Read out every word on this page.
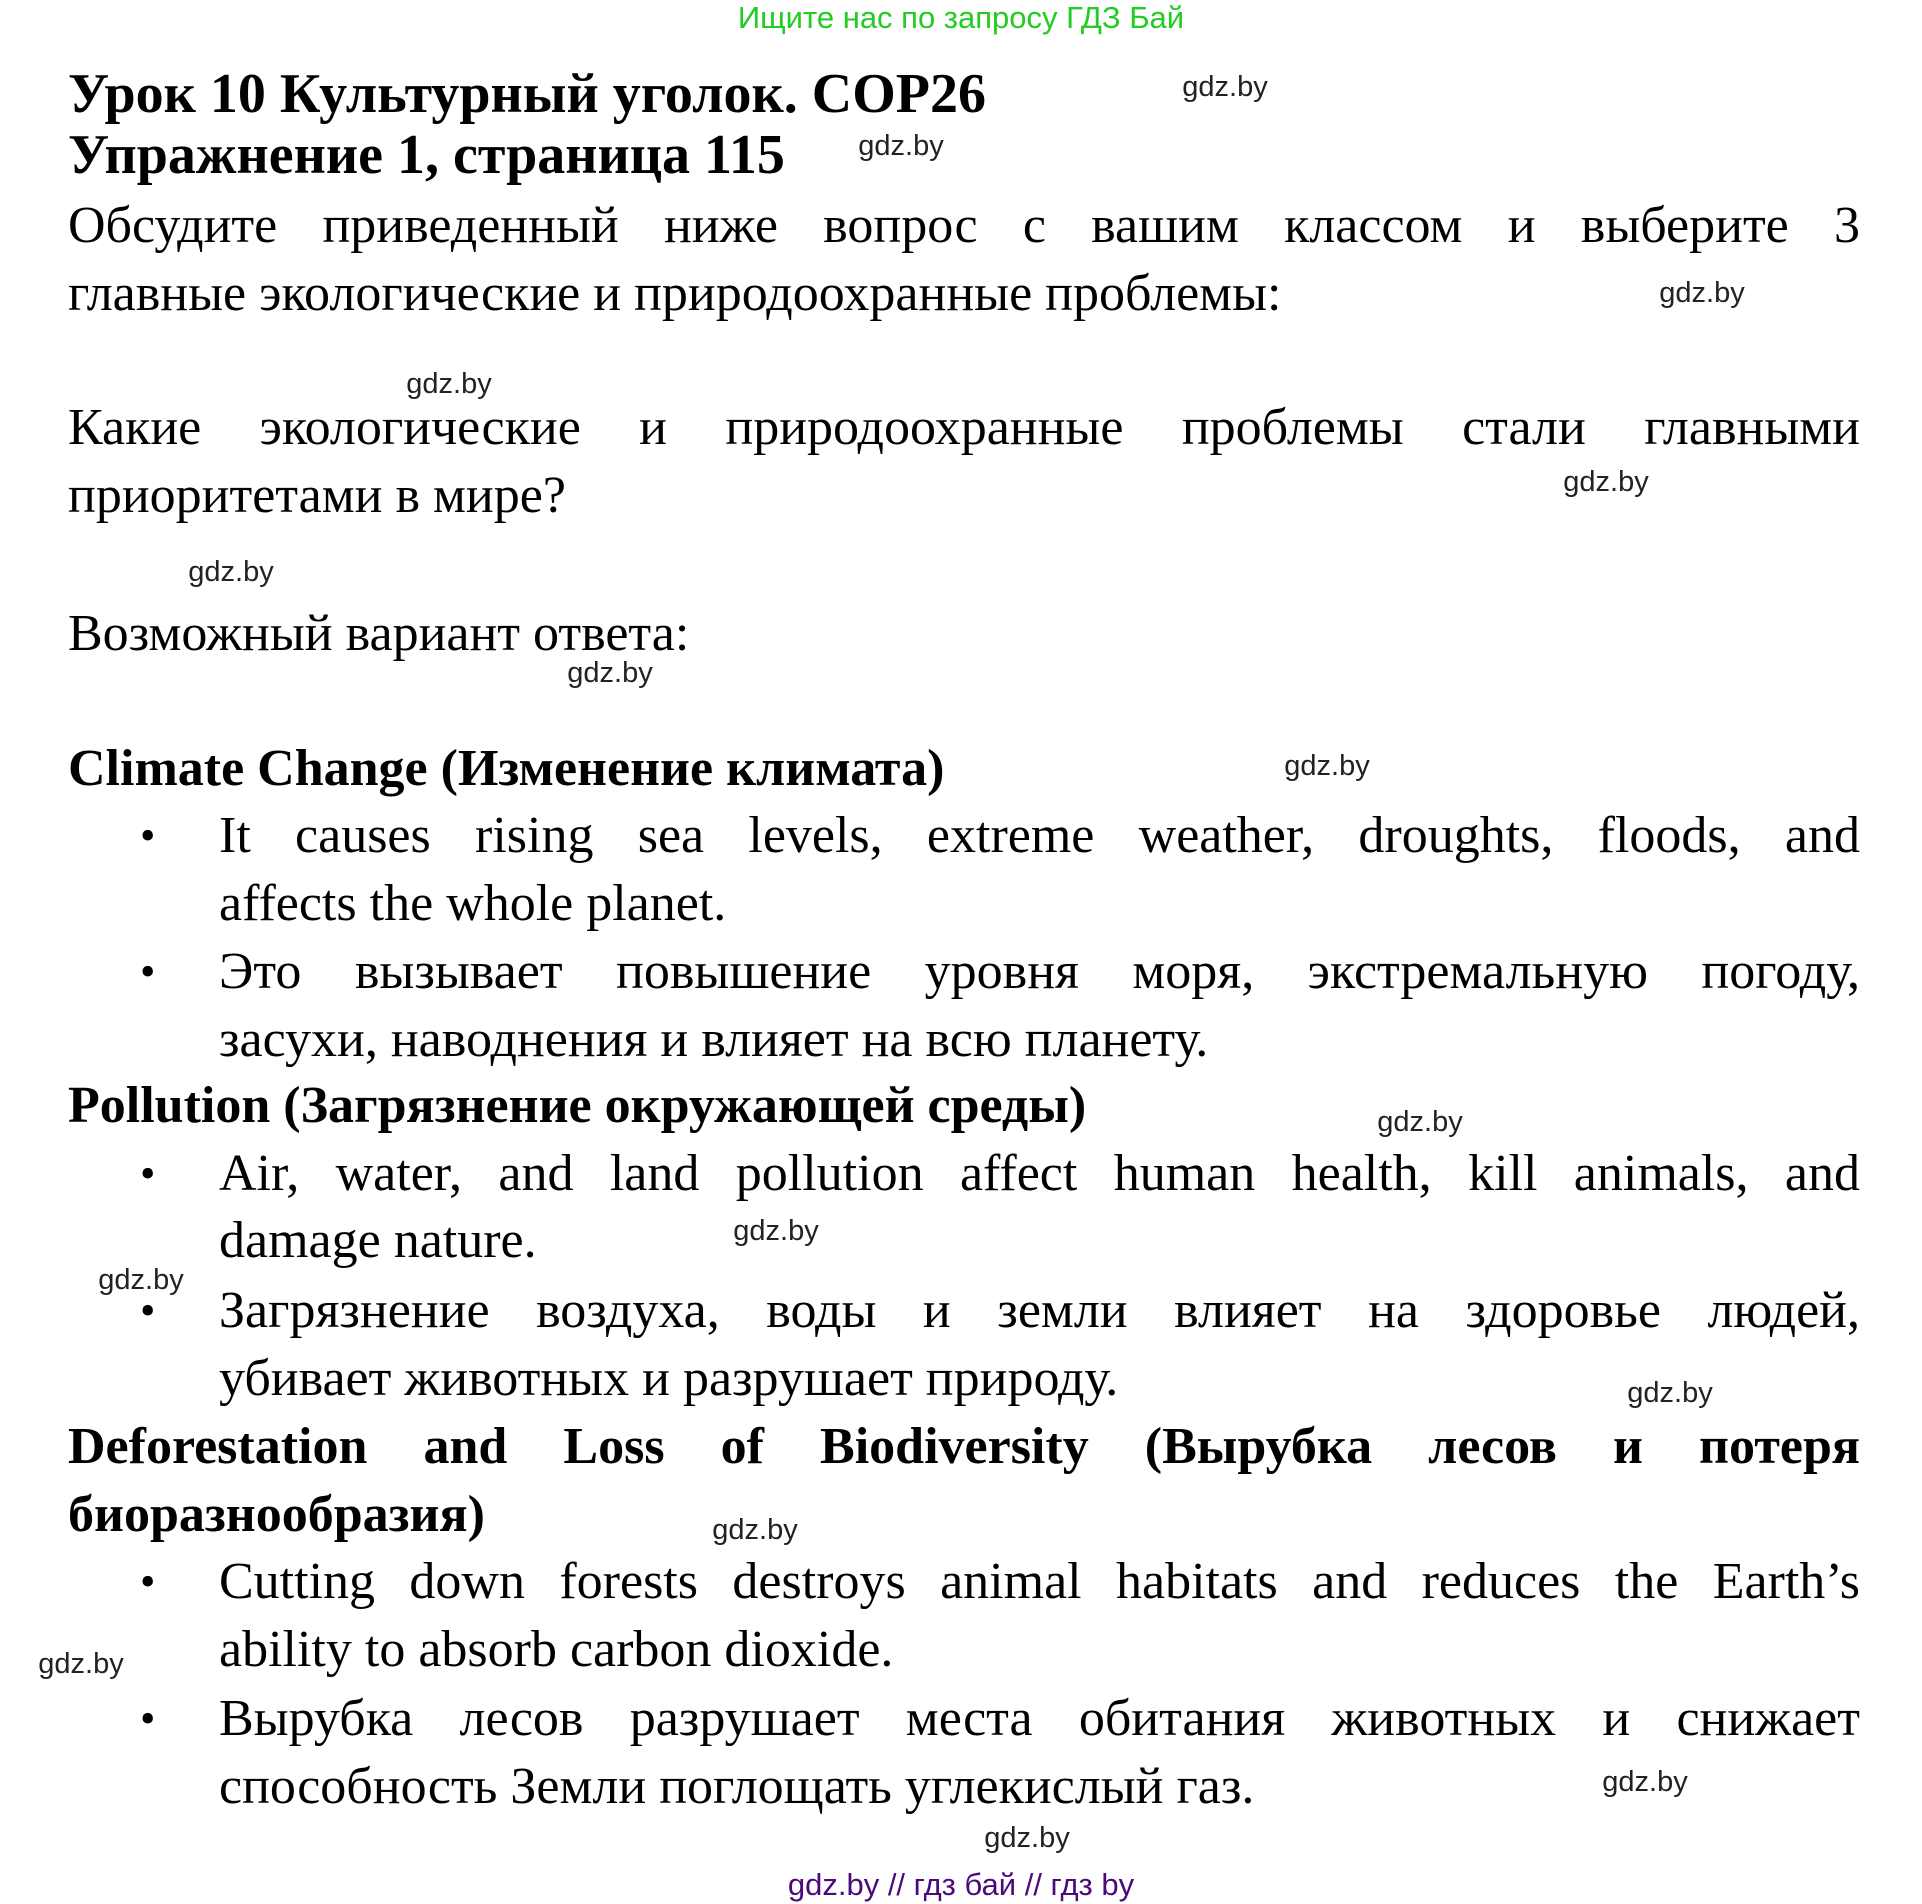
Ищите нас по запросу ГДЗ Бай
Урок 10 Культурный уголок. COP26
Упражнение 1, страница 115
Обсудите приведенный ниже вопрос с вашим классом и выберите 3
главные экологические и природоохранные проблемы:
Какие экологические и природоохранные проблемы стали главными
приоритетами в мире?
Возможный вариант ответа:
Climate Change (Изменение климата)
• It causes rising sea levels, extreme weather, droughts, floods, and
affects the whole planet.
• Это вызывает повышение уровня моря, экстремальную погоду,
засухи, наводнения и влияет на всю планету.
Pollution (Загрязнение окружающей среды)
• Air, water, and land pollution affect human health, kill animals, and
damage nature.
• Загрязнение воздуха, воды и земли влияет на здоровье людей,
убивает животных и разрушает природу.
Deforestation and Loss of Biodiversity (Вырубка лесов и потеря
биоразнообразия)
• Cutting down forests destroys animal habitats and reduces the Earth’s
ability to absorb carbon dioxide.
• Вырубка лесов разрушает места обитания животных и снижает
способность Земли поглощать углекислый газ.
gdz.by
gdz.by
gdz.by
gdz.by
gdz.by
gdz.by
gdz.by
gdz.by
gdz.by
gdz.by
gdz.by
gdz.by
gdz.by
gdz.by
gdz.by
gdz.by
gdz.by // гдз бай // гдз by
